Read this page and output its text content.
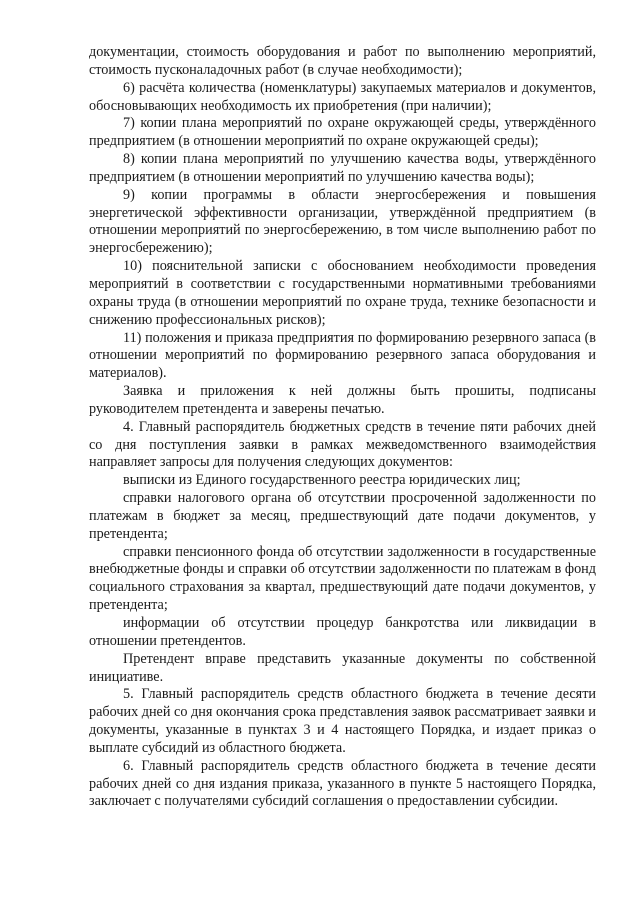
документации, стоимость оборудования и работ по выполнению мероприятий, стоимость пусконаладочных работ (в случае необходимости);

6) расчёта количества (номенклатуры) закупаемых материалов и документов, обосновывающих необходимость их приобретения (при наличии);

7) копии плана мероприятий по охране окружающей среды, утверждённого предприятием (в отношении мероприятий по охране окружающей среды);

8) копии плана мероприятий по улучшению качества воды, утверждённого предприятием (в отношении мероприятий по улучшению качества воды);

9) копии программы в области энергосбережения и повышения энергетической эффективности организации, утверждённой предприятием (в отношении мероприятий по энергосбережению, в том числе выполнению работ по энергосбережению);

10) пояснительной записки с обоснованием необходимости проведения мероприятий в соответствии с государственными нормативными требованиями охраны труда (в отношении мероприятий по охране труда, технике безопасности и снижению профессиональных рисков);

11) положения и приказа предприятия по формированию резервного запаса (в отношении мероприятий по формированию резервного запаса оборудования и материалов).

Заявка и приложения к ней должны быть прошиты, подписаны руководителем претендента и заверены печатью.

4. Главный распорядитель бюджетных средств в течение пяти рабочих дней со дня поступления заявки в рамках межведомственного взаимодействия направляет запросы для получения следующих документов:

выписки из Единого государственного реестра юридических лиц;

справки налогового органа об отсутствии просроченной задолженности по платежам в бюджет за месяц, предшествующий дате подачи документов, у претендента;

справки пенсионного фонда об отсутствии задолженности в государственные внебюджетные фонды и справки об отсутствии задолженности по платежам в фонд социального страхования за квартал, предшествующий дате подачи документов, у претендента;

информации об отсутствии процедур банкротства или ликвидации в отношении претендентов.

Претендент вправе представить указанные документы по собственной инициативе.

5. Главный распорядитель средств областного бюджета в течение десяти рабочих дней со дня окончания срока представления заявок рассматривает заявки и документы, указанные в пунктах 3 и 4 настоящего Порядка, и издает приказ о выплате субсидий из областного бюджета.

6. Главный распорядитель средств областного бюджета в течение десяти рабочих дней со дня издания приказа, указанного в пункте 5 настоящего Порядка, заключает с получателями субсидий соглашения о предоставлении субсидии.
